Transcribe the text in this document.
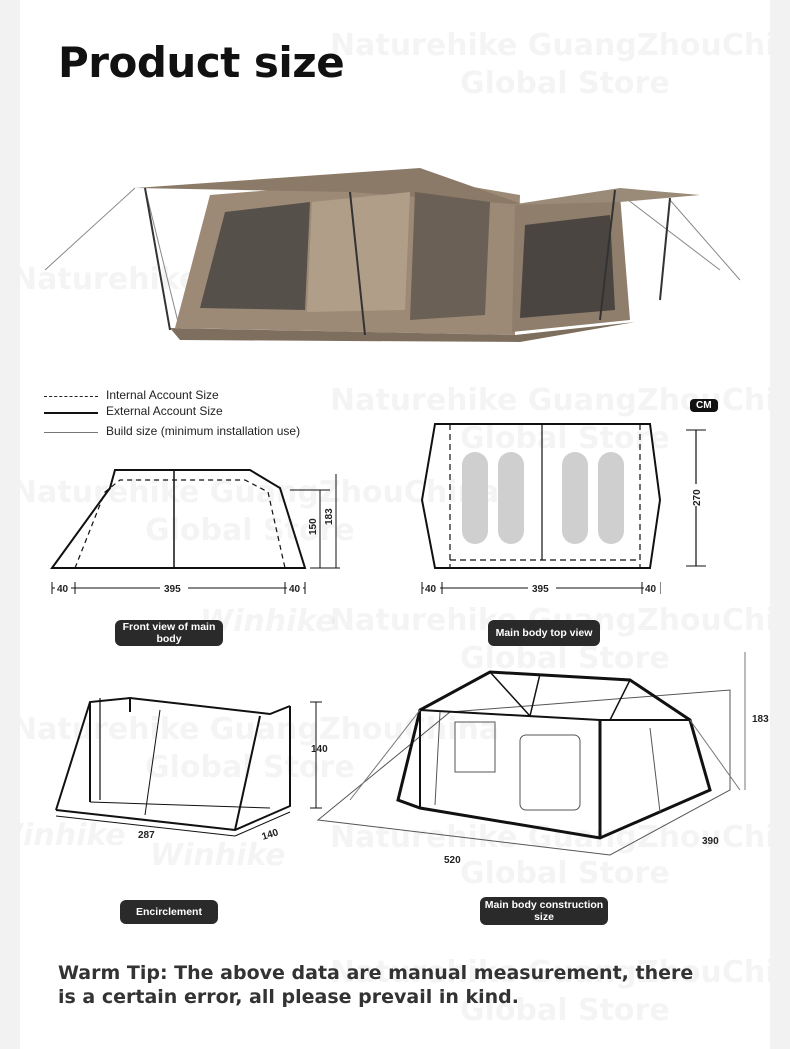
Product size
Internal Account Size
External Account Size
Build size (minimum installation use)
CM
150
183
40	395	40
Front view of main body
270
40	395	40
Main body top view
140
287	140
Encirclement
183
520
390
Main body construction size
Warm Tip: The above data are manual measurement, there is a certain error, all please prevail in kind.
